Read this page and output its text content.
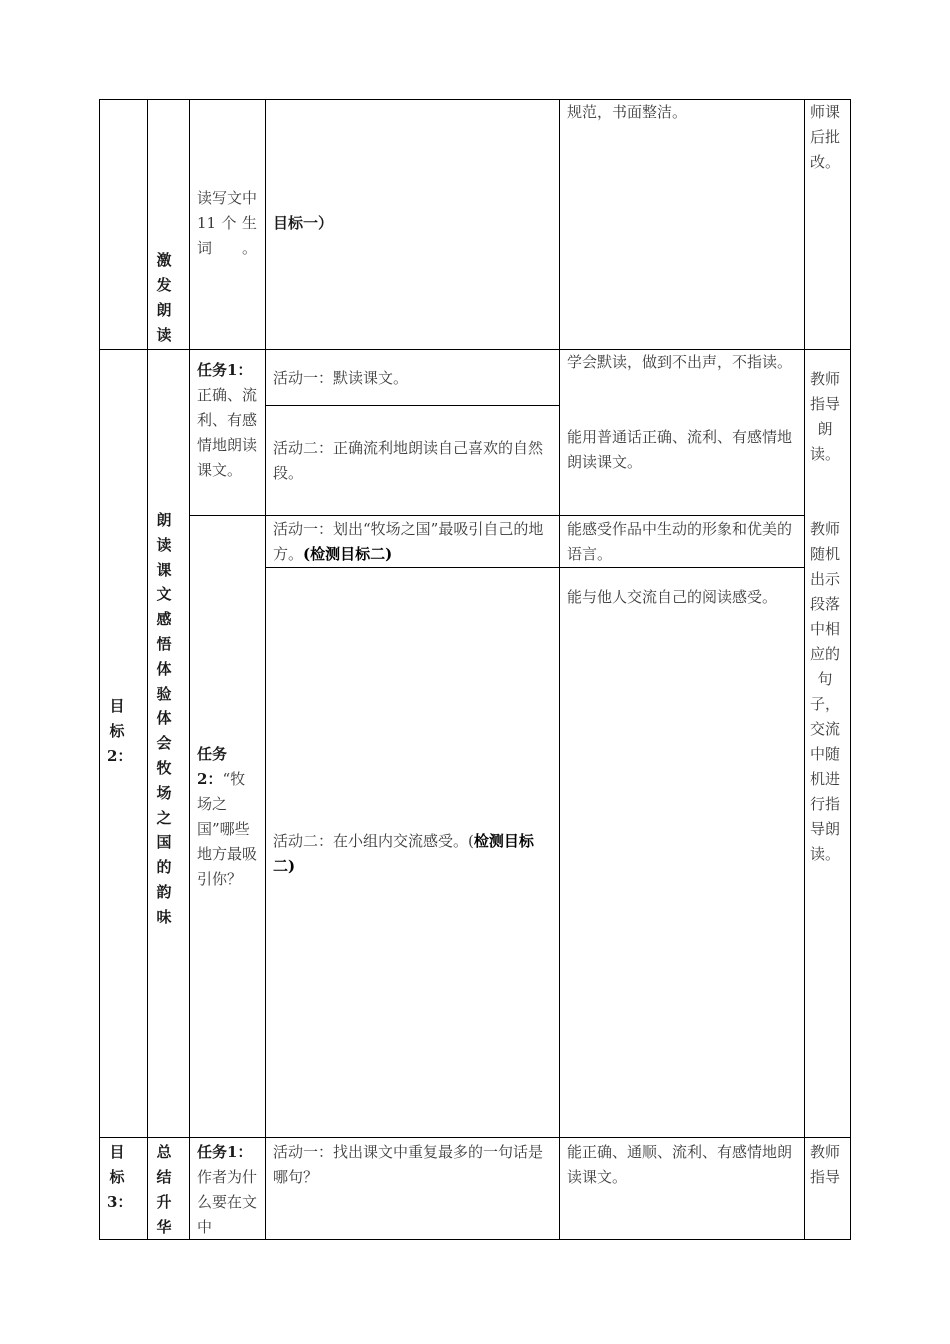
激发朗读
读写文中11个生词。
目标一）
规范，书面整洁。	师课后批改。
目标2：
朗读课文 感悟体验 体会牧场之国的韵味
任务1：正确、流利、有感情地朗读课文。
活动一：默读课文。
活动二：正确流利地朗读自己喜欢的自然段。
学会默读，做到不出声，不指读。
能用普通话正确、流利、有感情地朗读课文。
教师指导朗读。
任务2：“牧场之国”哪些地方最吸引你？
活动一：划出“牧场之国”最吸引自己的地方。(检测目标二)
活动二：在小组内交流感受。(检测目标二)
能感受作品中生动的形象和优美的语言。
能与他人交流自己的阅读感受。
教师随机出示段落中相应的句子，交流中随机进行指导朗读。
目标3：
总结升华
任务1：作者为什么要在文中
活动一：找出课文中重复最多的一句话是哪句？
能正确、通顺、流利、有感情地朗读课文。
教师指导
